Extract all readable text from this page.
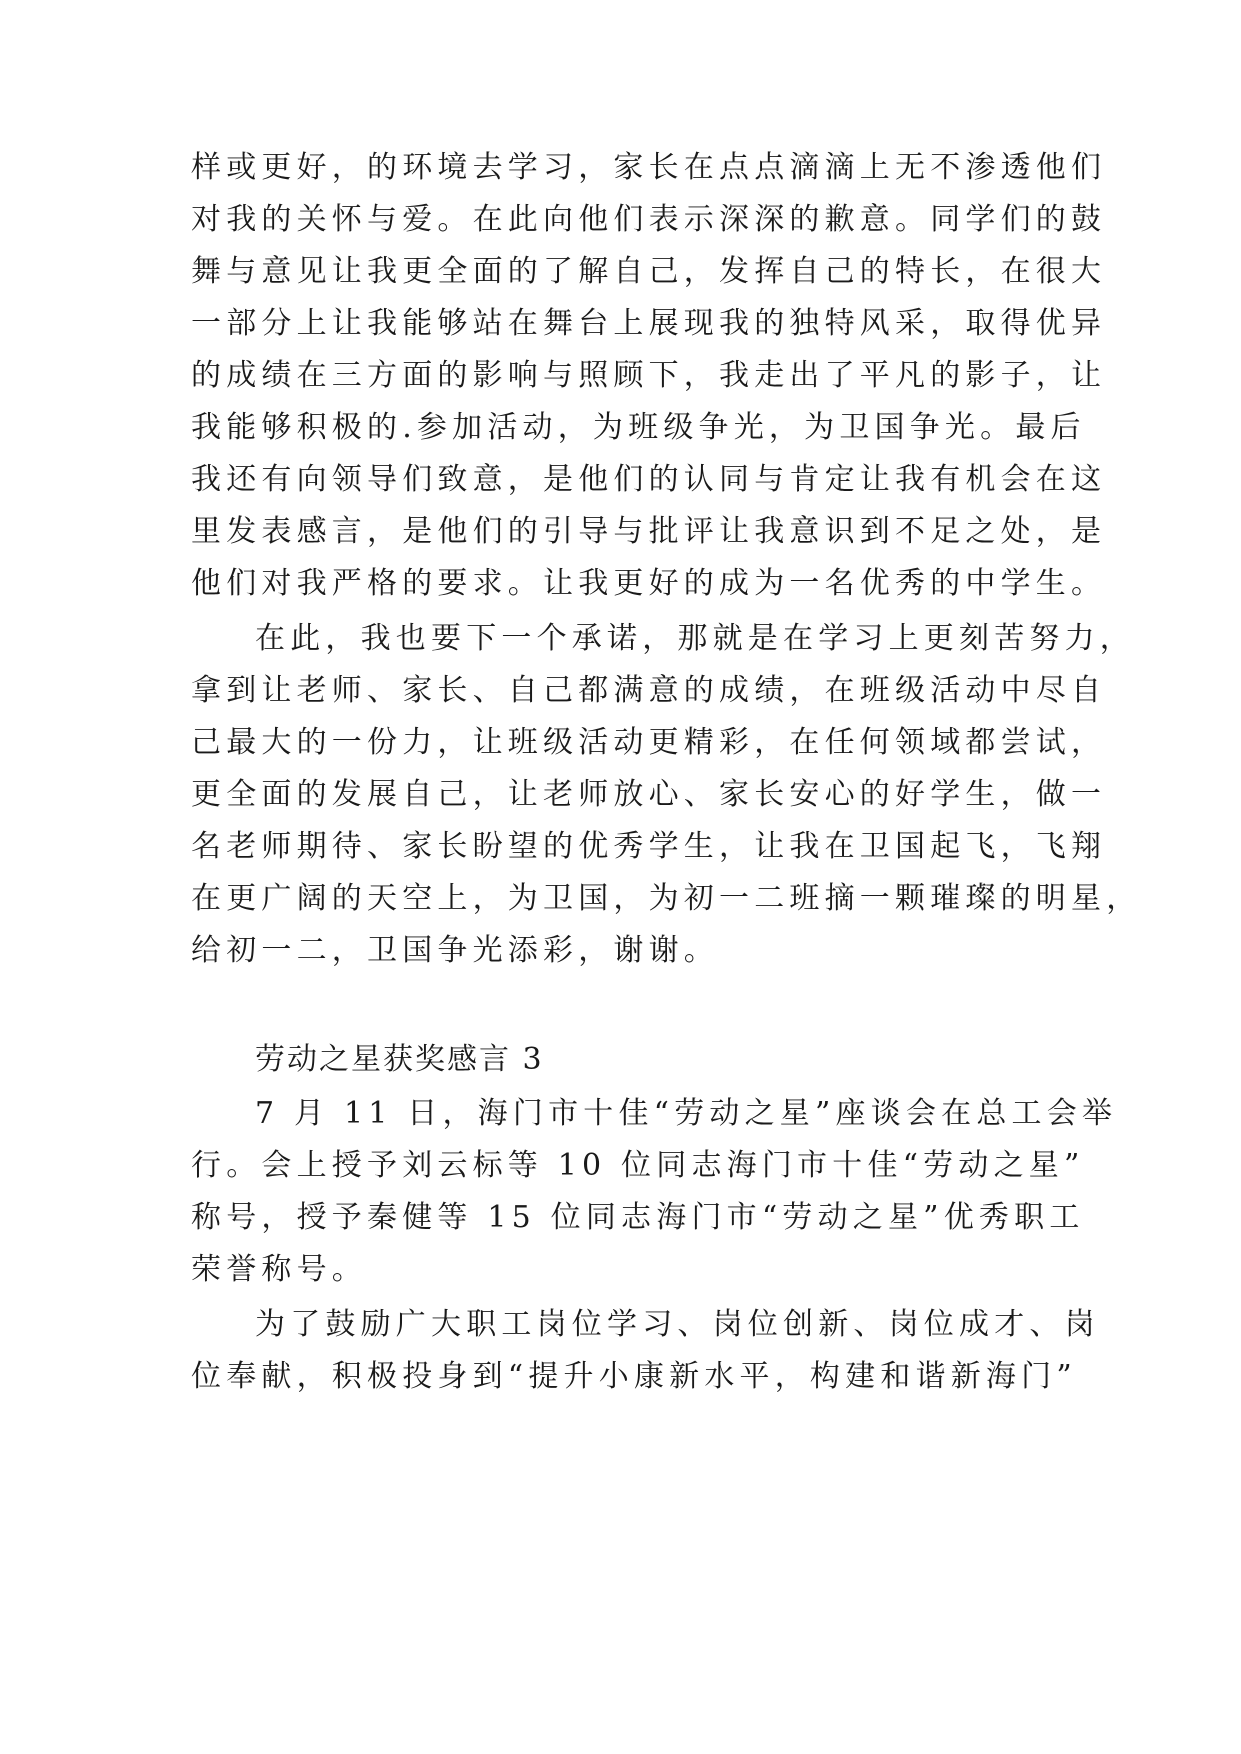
样或更好，的环境去学习，家长在点点滴滴上无不渗透他们
对我的关怀与爱。在此向他们表示深深的歉意。同学们的鼓
舞与意见让我更全面的了解自己，发挥自己的特长，在很大
一部分上让我能够站在舞台上展现我的独特风采，取得优异
的成绩在三方面的影响与照顾下，我走出了平凡的影子，让
我能够积极的.参加活动，为班级争光，为卫国争光。最后
我还有向领导们致意，是他们的认同与肯定让我有机会在这
里发表感言，是他们的引导与批评让我意识到不足之处，是
他们对我严格的要求。让我更好的成为一名优秀的中学生。
在此，我也要下一个承诺，那就是在学习上更刻苦努力，
拿到让老师、家长、自己都满意的成绩，在班级活动中尽自
己最大的一份力，让班级活动更精彩，在任何领域都尝试，
更全面的发展自己，让老师放心、家长安心的好学生，做一
名老师期待、家长盼望的优秀学生，让我在卫国起飞，飞翔
在更广阔的天空上，为卫国，为初一二班摘一颗璀璨的明星，
给初一二，卫国争光添彩，谢谢。
劳动之星获奖感言 3
7 月 11 日，海门市十佳“劳动之星”座谈会在总工会举
行。会上授予刘云标等 10 位同志海门市十佳“劳动之星”
称号，授予秦健等 15 位同志海门市“劳动之星”优秀职工
荣誉称号。
为了鼓励广大职工岗位学习、岗位创新、岗位成才、岗
位奉献，积极投身到“提升小康新水平，构建和谐新海门”
